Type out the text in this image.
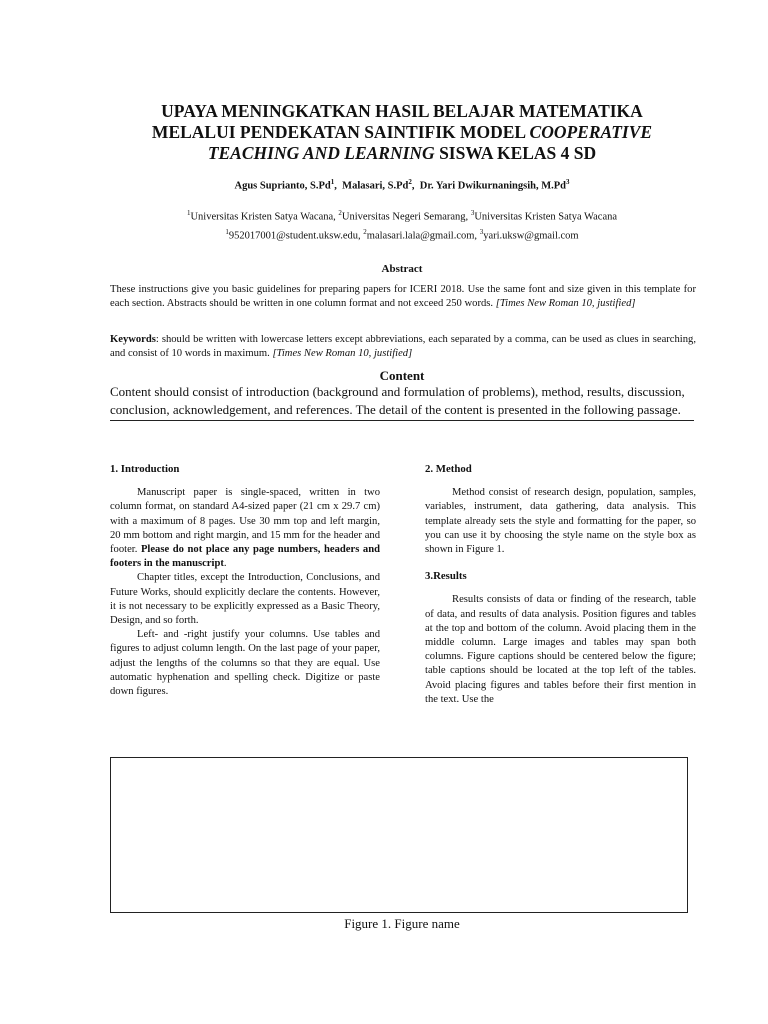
UPAYA MENINGKATKAN HASIL BELAJAR MATEMATIKA
MELALUI PENDEKATAN SAINTIFIK MODEL COOPERATIVE
TEACHING AND LEARNING SISWA KELAS 4 SD
Agus Suprianto, S.Pd$^1$,  Malasari, S.Pd$^2$,  Dr. Yari Dwikurnaningsih, M.Pd$^3$
$^1$Universitas Kristen Satya Wacana, $^2$Universitas Negeri Semarang, $^3$Universitas Kristen Satya Wacana
$^1$952017001@student.uksw.edu, $^2$malasari.lala@gmail.com, $^3$yari.uksw@gmail.com
Abstract
These instructions give you basic guidelines for preparing papers for ICERI 2018. Use the same font and size given in this template for each section. Abstracts should be written in one column format and not exceed 250 words. [Times New Roman 10, justified]
Keywords: should be written with lowercase letters except abbreviations, each separated by a comma, can be used as clues in searching, and consist of 10 words in maximum. [Times New Roman 10, justified]
Content
Content should consist of introduction (background and formulation of problems), method, results, discussion, conclusion, acknowledgement, and references. The detail of the content is presented in the following passage.
1. Introduction

Manuscript paper is single-spaced, written in two column format, on standard A4-sized paper (21 cm x 29.7 cm) with a maximum of 8 pages. Use 30 mm top and left margin, 20 mm bottom and right margin, and 15 mm for the header and footer. Please do not place any page numbers, headers and footers in the manuscript.

Chapter titles, except the Introduction, Conclusions, and Future Works, should explicitly declare the contents. However, it is not necessary to be explicitly expressed as a Basic Theory, Design, and so forth.

Left- and -right justify your columns. Use tables and figures to adjust column length. On the last page of your paper, adjust the lengths of the columns so that they are equal. Use automatic hyphenation and spelling check. Digitize or paste down figures.

2. Method

Method consist of research design, population, samples, variables, instrument, data gathering, data analysis. This template already sets the style and formatting for the paper, so you can use it by choosing the style name on the style box as shown in Figure 1.

3.Results

Results consists of data or finding of the research, table of data, and results of data analysis. Position figures and tables at the top and bottom of the column. Avoid placing them in the middle column. Large images and tables may span both columns. Figure captions should be centered below the figure; table captions should be located at the top left of the tables. Avoid placing figures and tables before their first mention in the text. Use the

Figure 1. Figure name
